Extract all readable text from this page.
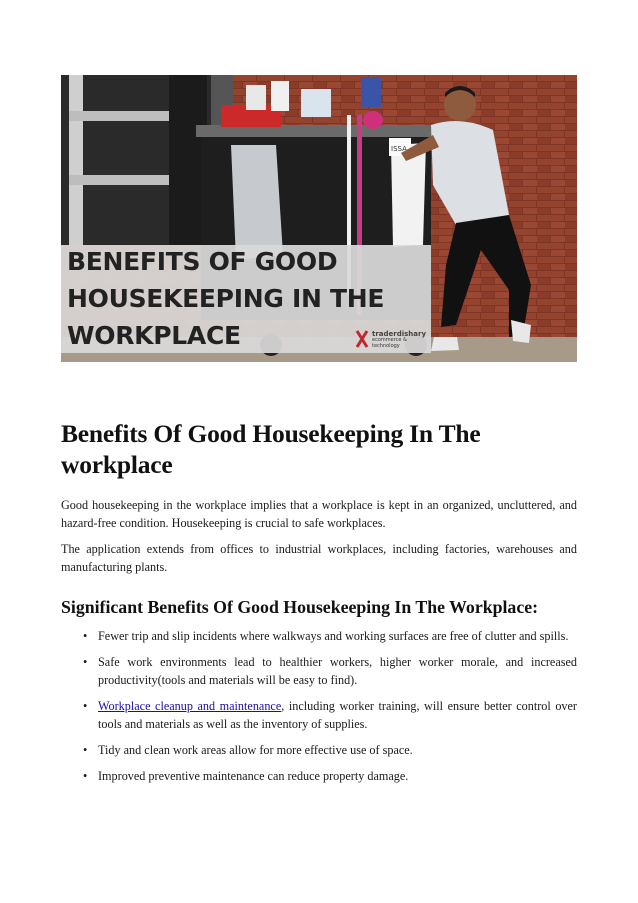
ISSA
BENEFITS OF GOOD
HOUSEKEEPING IN THE
WORKPLACE	traderdishary
ecommerce & technology
Benefits Of Good Housekeeping In The workplace

Good housekeeping in the workplace implies that a workplace is kept in an organized, uncluttered, and hazard-free condition. Housekeeping is crucial to safe workplaces.

The application extends from offices to industrial workplaces, including factories, warehouses and manufacturing plants.

Significant Benefits Of Good Housekeeping In The Workplace:
• Fewer trip and slip incidents where walkways and working surfaces are free of clutter and spills.
• Safe work environments lead to healthier workers, higher worker morale, and increased productivity(tools and materials will be easy to find).
• Workplace cleanup and maintenance, including worker training, will ensure better control over tools and materials as well as the inventory of supplies.
• Tidy and clean work areas allow for more effective use of space.
• Improved preventive maintenance can reduce property damage.
